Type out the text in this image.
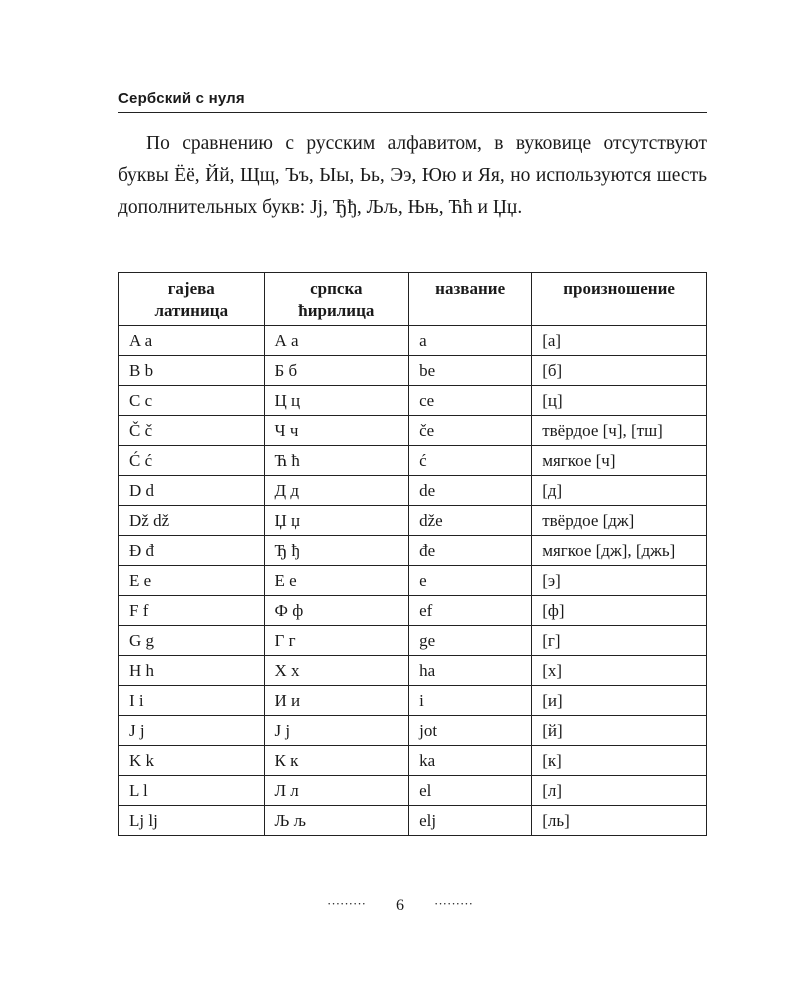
Сербский с нуля

По сравнению с русским алфавитом, в вуковице отсутствуют буквы Ёё, Йй, Щщ, Ъъ, Ыы, Ьь, Ээ, Юю и Яя, но используются шесть дополнительных букв: Jj, Ђђ, Љљ, Њњ, Ћћ и Џџ.

гајева латиница	српска ћирилица	название	произношение
A a	А а	a	[а]
B b	Б б	be	[б]
C c	Ц ц	ce	[ц]
Č č	Ч ч	če	твёрдое [ч], [тш]
Ć ć	Ћ ћ	ć	мягкое [ч]
D d	Д д	de	[д]
Dž dž	Џ џ	dže	твёрдое [дж]
Đ đ	Ђ ђ	đe	мягкое [дж], [джь]
E e	Е е	e	[э]
F f	Ф ф	ef	[ф]
G g	Г г	ge	[г]
H h	Х х	ha	[х]
I i	И и	i	[и]
J j	Ј ј	jot	[й]
K k	К к	ka	[к]
L l	Л л	el	[л]
Lj lj	Љ љ	elj	[ль]
········· 6 ·········
